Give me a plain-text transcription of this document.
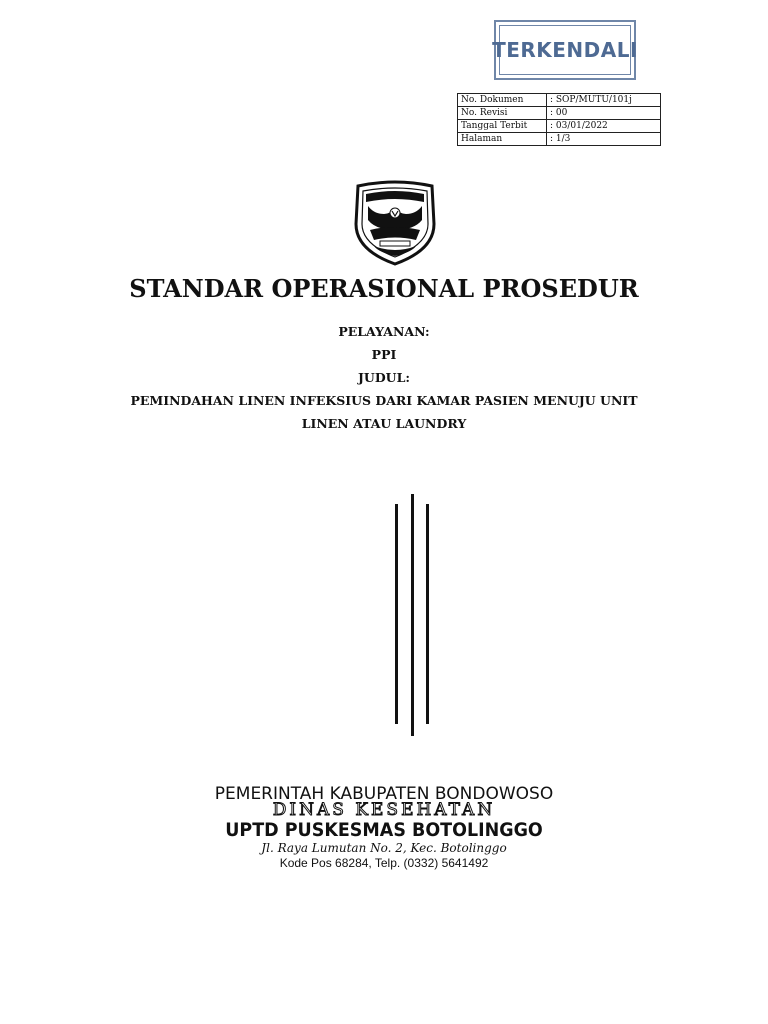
TERKENDALI
No. Dokumen	: SOP/MUTU/101j
No. Revisi	: 00
Tanggal Terbit	: 03/01/2022
Halaman	: 1/3
STANDAR OPERASIONAL PROSEDUR
PELAYANAN:
PPI
JUDUL:
PEMINDAHAN LINEN INFEKSIUS DARI KAMAR PASIEN MENUJU UNIT
LINEN ATAU LAUNDRY
PEMERINTAH KABUPATEN BONDOWOSO
DINAS KESEHATAN
UPTD PUSKESMAS BOTOLINGGO
Jl. Raya Lumutan No. 2, Kec. Botolinggo
Kode Pos 68284, Telp. (0332) 5641492
